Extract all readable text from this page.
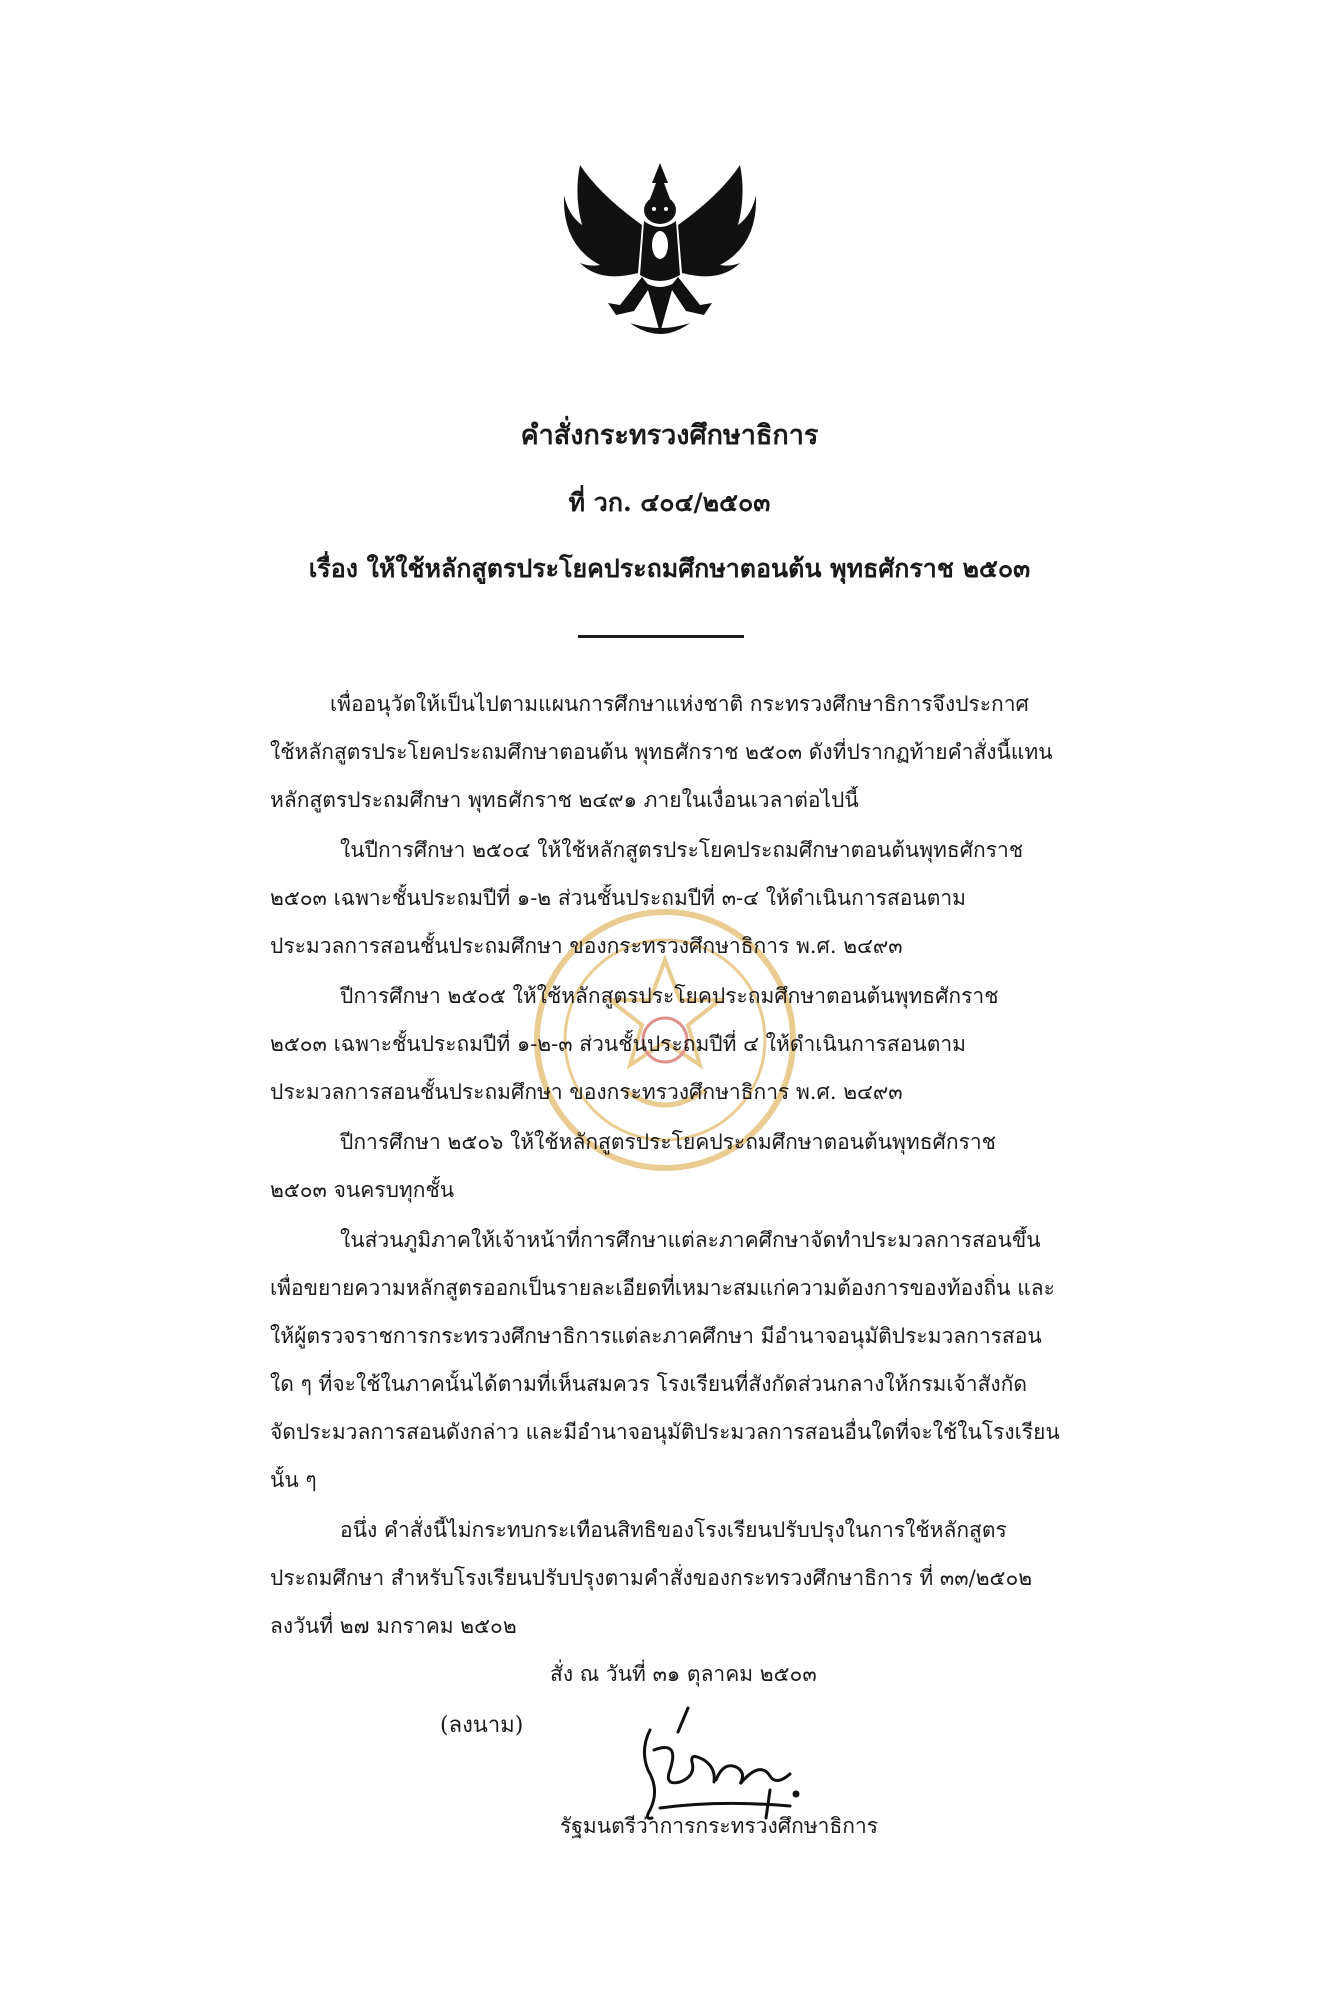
คำสั่งกระทรวงศึกษาธิการ
ที่ วก. ๔๐๔/๒๕๐๓
เรื่อง ให้ใช้หลักสูตรประโยคประถมศึกษาตอนต้น พุทธศักราช ๒๕๐๓
เพื่ออนุวัตให้เป็นไปตามแผนการศึกษาแห่งชาติ กระทรวงศึกษาธิการจึงประกาศ
ใช้หลักสูตรประโยคประถมศึกษาตอนต้น พุทธศักราช ๒๕๐๓ ดังที่ปรากฏท้ายคำสั่งนี้แทน
หลักสูตรประถมศึกษา พุทธศักราช ๒๔๙๑ ภายในเงื่อนเวลาต่อไปนี้
ในปีการศึกษา ๒๕๐๔ ให้ใช้หลักสูตรประโยคประถมศึกษาตอนต้นพุทธศักราช
๒๕๐๓ เฉพาะชั้นประถมปีที่ ๑-๒ ส่วนชั้นประถมปีที่ ๓-๔ ให้ดำเนินการสอนตาม
ประมวลการสอนชั้นประถมศึกษา ของกระทรวงศึกษาธิการ พ.ศ. ๒๔๙๓
ปีการศึกษา ๒๕๐๕ ให้ใช้หลักสูตรประโยคประถมศึกษาตอนต้นพุทธศักราช
๒๕๐๓ เฉพาะชั้นประถมปีที่ ๑-๒-๓ ส่วนชั้นประถมปีที่ ๔ ให้ดำเนินการสอนตาม
ประมวลการสอนชั้นประถมศึกษา ของกระทรวงศึกษาธิการ พ.ศ. ๒๔๙๓
ปีการศึกษา ๒๕๐๖ ให้ใช้หลักสูตรประโยคประถมศึกษาตอนต้นพุทธศักราช
๒๕๐๓ จนครบทุกชั้น
ในส่วนภูมิภาคให้เจ้าหน้าที่การศึกษาแต่ละภาคศึกษาจัดทำประมวลการสอนขึ้น
เพื่อขยายความหลักสูตรออกเป็นรายละเอียดที่เหมาะสมแก่ความต้องการของท้องถิ่น และ
ให้ผู้ตรวจราชการกระทรวงศึกษาธิการแต่ละภาคศึกษา มีอำนาจอนุมัติประมวลการสอน
ใด ๆ ที่จะใช้ในภาคนั้นได้ตามที่เห็นสมควร โรงเรียนที่สังกัดส่วนกลางให้กรมเจ้าสังกัด
จัดประมวลการสอนดังกล่าว และมีอำนาจอนุมัติประมวลการสอนอื่นใดที่จะใช้ในโรงเรียน
นั้น ๆ
อนึ่ง คำสั่งนี้ไม่กระทบกระเทือนสิทธิของโรงเรียนปรับปรุงในการใช้หลักสูตร
ประถมศึกษา สำหรับโรงเรียนปรับปรุงตามคำสั่งของกระทรวงศึกษาธิการ ที่ ๓๓/๒๕๐๒
ลงวันที่ ๒๗ มกราคม ๒๕๐๒
สั่ง ณ วันที่ ๓๑ ตุลาคม ๒๕๐๓
(ลงนาม)
รัฐมนตรีว่าการกระทรวงศึกษาธิการ
